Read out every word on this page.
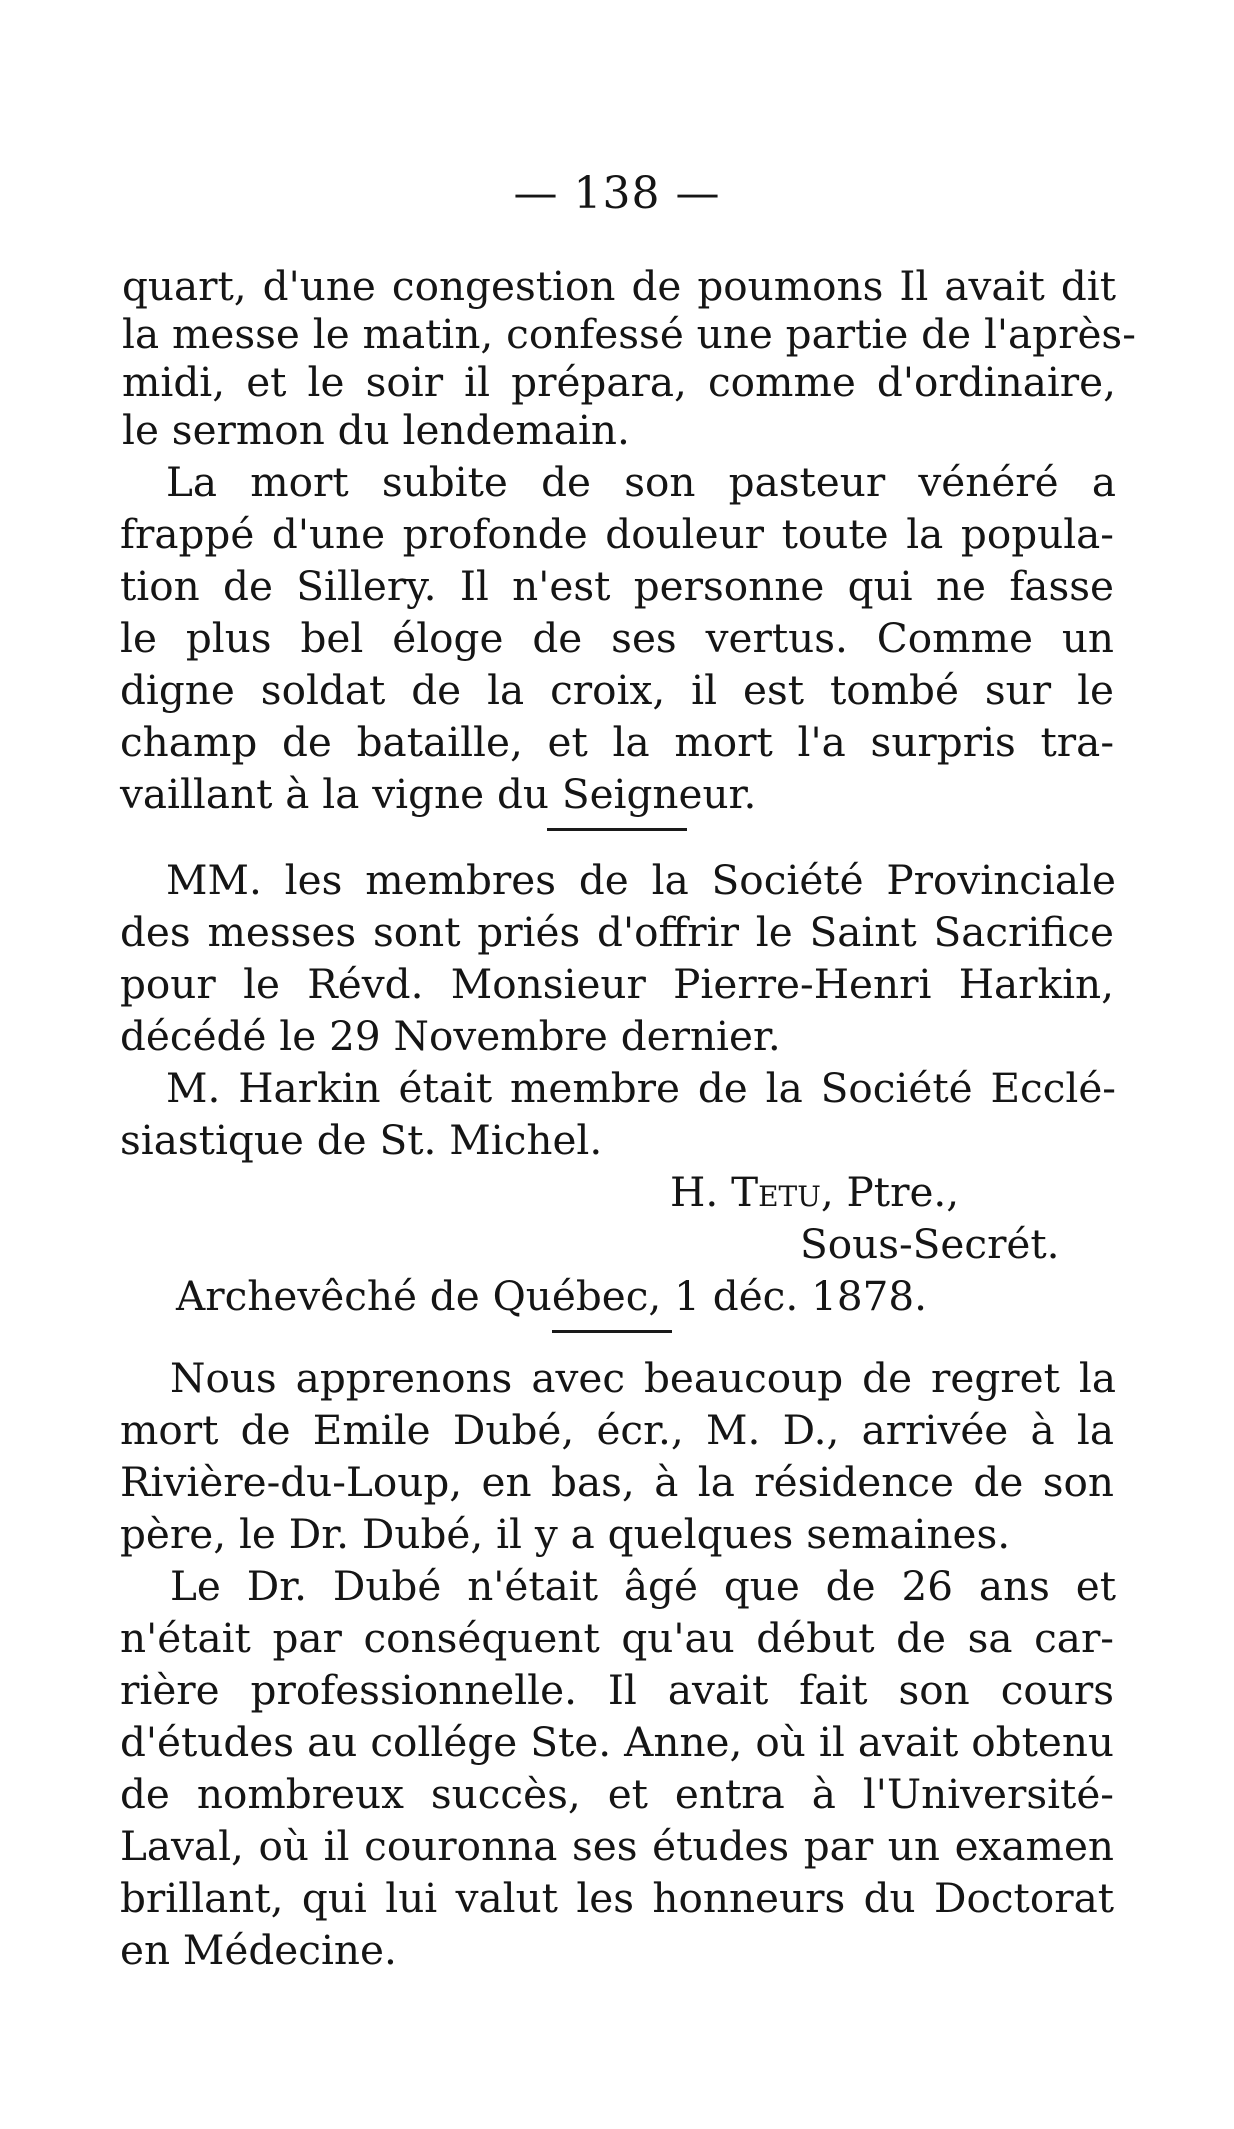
— 138 —
quart, d'une congestion de poumons Il avait dit
la messe le matin, confessé une partie de l'après-
midi, et le soir il prépara, comme d'ordinaire,
le sermon du lendemain.
La mort subite de son pasteur vénéré a
frappé d'une profonde douleur toute la popula-
tion de Sillery. Il n'est personne qui ne fasse
le plus bel éloge de ses vertus. Comme un
digne soldat de la croix, il est tombé sur le
champ de bataille, et la mort l'a surpris tra-
vaillant à la vigne du Seigneur.
MM. les membres de la Société Provinciale
des messes sont priés d'offrir le Saint Sacrifice
pour le Révd. Monsieur Pierre-Henri Harkin,
décédé le 29 Novembre dernier.
M. Harkin était membre de la Société Ecclé-
siastique de St. Michel.
H. Tetu, Ptre.,
Sous-Secrét.
Archevêché de Québec, 1 déc. 1878.
Nous apprenons avec beaucoup de regret la
mort de Emile Dubé, écr., M. D., arrivée à la
Rivière-du-Loup, en bas, à la résidence de son
père, le Dr. Dubé, il y a quelques semaines.
Le Dr. Dubé n'était âgé que de 26 ans et
n'était par conséquent qu'au début de sa car-
rière professionnelle. Il avait fait son cours
d'études au collége Ste. Anne, où il avait obtenu
de nombreux succès, et entra à l'Université-
Laval, où il couronna ses études par un examen
brillant, qui lui valut les honneurs du Doctorat
en Médecine.
